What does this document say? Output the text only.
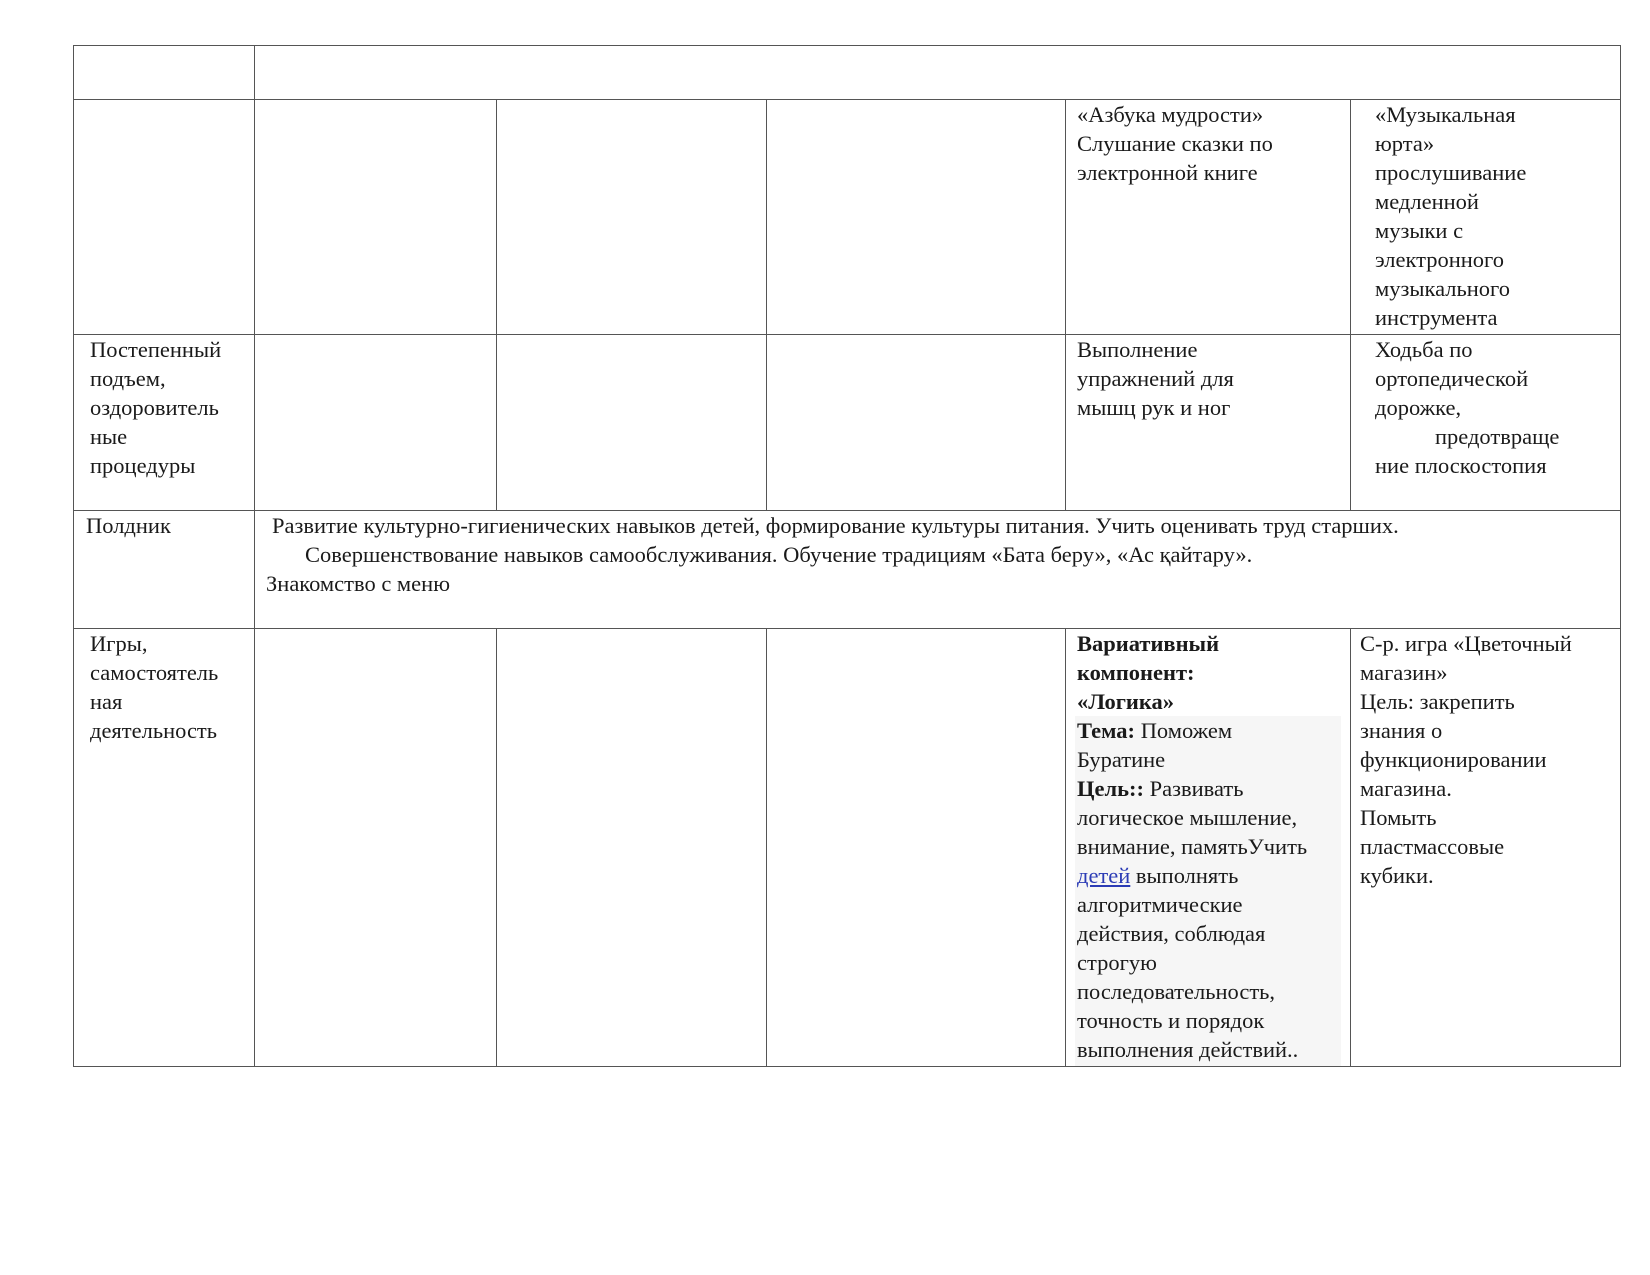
«Азбука мудрости»
Слушание сказки по
электронной книге
«Музыкальная
юрта»
прослушивание
медленной
музыки с
электронного
музыкального
инструмента
Постепенный
подъем,
оздоровитель
ные
процедуры
Выполнение
упражнений для
мышц рук и ног
Ходьба по
ортопедической
дорожке,
предотвраще
ние плоскостопия
Полдник	Развитие культурно-гигиенических навыков детей, формирование культуры питания. Учить оценивать труд старших.
Совершенствование навыков самообслуживания. Обучение традициям «Бата беру», «Ас қайтару».
Знакомство с меню
Игры,
самостоятель
ная
деятельность
Вариативный
компонент:
«Логика»
Тема: Поможем
Буратине
Цель:: Развивать
логическое мышление,
внимание, памятьУчить
детей выполнять
алгоритмические
действия, соблюдая
строгую
последовательность,
точность и порядок
выполнения действий..
С-р. игра «Цветочный
магазин»
Цель: закрепить
знания о
функционировании
магазина.
Помыть
пластмассовые
кубики.
